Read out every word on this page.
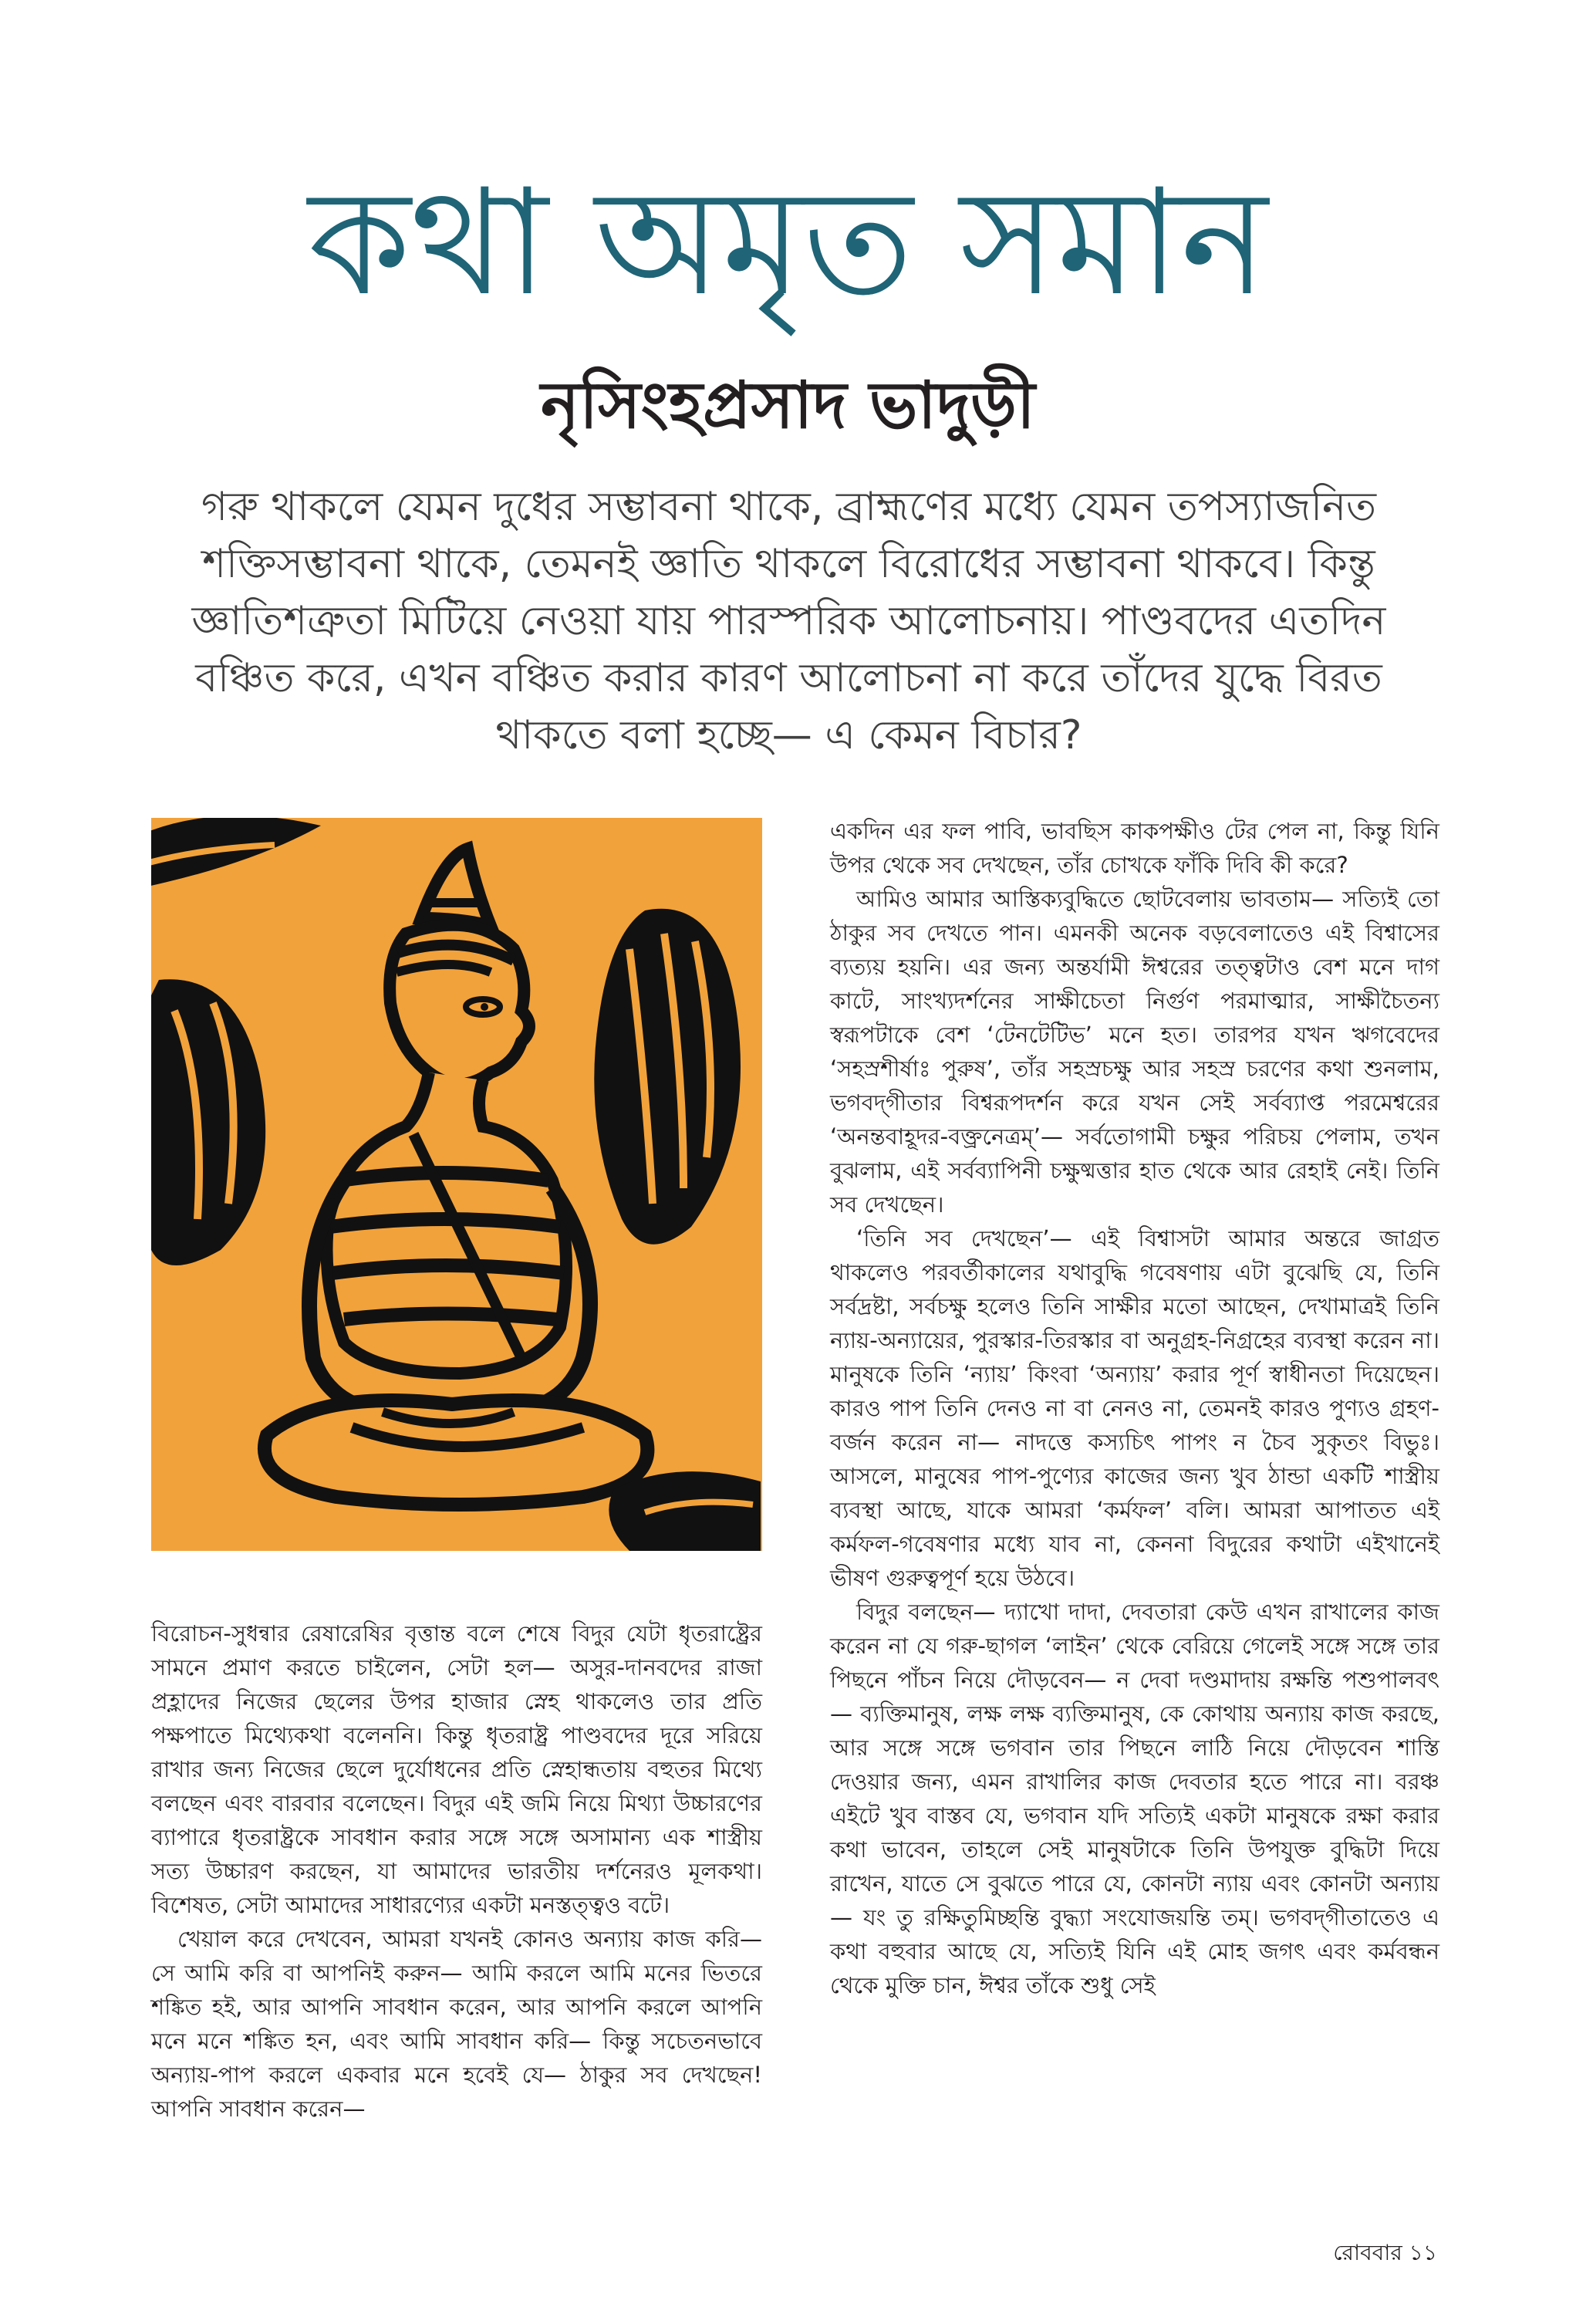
কথা অমৃত সমান
নৃসিংহপ্রসাদ ভাদুড়ী

গরু থাকলে যেমন দুধের সম্ভাবনা থাকে, ব্রাহ্মণের মধ্যে যেমন তপস্যাজনিত শক্তিসম্ভাবনা থাকে, তেমনই জ্ঞাতি থাকলে বিরোধের সম্ভাবনা থাকবে। কিন্তু জ্ঞাতিশত্রুতা মিটিয়ে নেওয়া যায় পারস্পরিক আলোচনায়। পাণ্ডবদের এতদিন বঞ্চিত করে, এখন বঞ্চিত করার কারণ আলোচনা না করে তাঁদের যুদ্ধে বিরত থাকতে বলা হচ্ছে— এ কেমন বিচার?

বিরোচন-সুধন্বার রেষারেষির বৃত্তান্ত বলে শেষে বিদুর যেটা ধৃতরাষ্ট্রের সামনে প্রমাণ করতে চাইলেন, সেটা হল— অসুর-দানবদের রাজা প্রহ্লাদের নিজের ছেলের উপর হাজার স্নেহ থাকলেও তার প্রতি পক্ষপাতে মিথ্যেকথা বলেননি। কিন্তু ধৃতরাষ্ট্র পাণ্ডবদের দূরে সরিয়ে রাখার জন্য নিজের ছেলে দুর্যোধনের প্রতি স্নেহান্ধতায় বহুতর মিথ্যে বলছেন এবং বারবার বলেছেন। বিদুর এই জমি নিয়ে মিথ্যা উচ্চারণের ব্যাপারে ধৃতরাষ্ট্রকে সাবধান করার সঙ্গে সঙ্গে অসামান্য এক শাস্ত্রীয় সত্য উচ্চারণ করছেন, যা আমাদের ভারতীয় দর্শনেরও মূলকথা। বিশেষত, সেটা আমাদের সাধারণ্যের একটা মনস্তত্ত্বও বটে।

খেয়াল করে দেখবেন, আমরা যখনই কোনও অন্যায় কাজ করি— সে আমি করি বা আপনিই করুন— আমি করলে আমি মনের ভিতরে শঙ্কিত হই, আর আপনি সাবধান করেন, আর আপনি করলে আপনি মনে মনে শঙ্কিত হন, এবং আমি সাবধান করি— কিন্তু সচেতনভাবে অন্যায়-পাপ করলে একবার মনে হবেই যে— ঠাকুর সব দেখছেন! আপনি সাবধান করেন—

একদিন এর ফল পাবি, ভাবছিস কাকপক্ষীও টের পেল না, কিন্তু যিনি উপর থেকে সব দেখছেন, তাঁর চোখকে ফাঁকি দিবি কী করে?

আমিও আমার আস্তিক্যবুদ্ধিতে ছোটবেলায় ভাবতাম— সত্যিই তো ঠাকুর সব দেখতে পান। এমনকী অনেক বড়বেলাতেও এই বিশ্বাসের ব্যত্যয় হয়নি। এর জন্য অন্তর্যামী ঈশ্বরের তত্ত্বটাও বেশ মনে দাগ কাটে, সাংখ্যদর্শনের সাক্ষীচেতা নির্গুণ পরমাত্মার, সাক্ষীচৈতন্য স্বরূপটাকে বেশ ‘টেনটেটিভ’ মনে হত। তারপর যখন ঋগবেদের ‘সহস্রশীর্ষাঃ পুরুষ’, তাঁর সহস্রচক্ষু আর সহস্র চরণের কথা শুনলাম, ভগবদ্‌গীতার বিশ্বরূপদর্শন করে যখন সেই সর্বব্যাপ্ত পরমেশ্বরের ‘অনন্তবাহূদর-বক্ত্রনেত্রম্’— সর্বতোগামী চক্ষুর পরিচয় পেলাম, তখন বুঝলাম, এই সর্বব্যাপিনী চক্ষুষ্মত্তার হাত থেকে আর রেহাই নেই। তিনি সব দেখছেন।

‘তিনি সব দেখছেন’— এই বিশ্বাসটা আমার অন্তরে জাগ্রত থাকলেও পরবর্তীকালের যথাবুদ্ধি গবেষণায় এটা বুঝেছি যে, তিনি সর্বদ্রষ্টা, সর্বচক্ষু হলেও তিনি সাক্ষীর মতো আছেন, দেখামাত্রই তিনি ন্যায়-অন্যায়ের, পুরস্কার-তিরস্কার বা অনুগ্রহ-নিগ্রহের ব্যবস্থা করেন না। মানুষকে তিনি ‘ন্যায়’ কিংবা ‘অন্যায়’ করার পূর্ণ স্বাধীনতা দিয়েছেন। কারও পাপ তিনি দেনও না বা নেনও না, তেমনই কারও পুণ্যও গ্রহণ-বর্জন করেন না— নাদত্তে কস্যচিৎ পাপং ন চৈব সুকৃতং বিভুঃ। আসলে, মানুষের পাপ-পুণ্যের কাজের জন্য খুব ঠান্ডা একটি শাস্ত্রীয় ব্যবস্থা আছে, যাকে আমরা ‘কর্মফল’ বলি। আমরা আপাতত এই কর্মফল-গবেষণার মধ্যে যাব না, কেননা বিদুরের কথাটা এইখানেই ভীষণ গুরুত্বপূর্ণ হয়ে উঠবে।

বিদুর বলছেন— দ্যাখো দাদা, দেবতারা কেউ এখন রাখালের কাজ করেন না যে গরু-ছাগল ‘লাইন’ থেকে বেরিয়ে গেলেই সঙ্গে সঙ্গে তার পিছনে পাঁচন নিয়ে দৌড়বেন— ন দেবা দণ্ডমাদায় রক্ষন্তি পশুপালবৎ— ব্যক্তিমানুষ, লক্ষ লক্ষ ব্যক্তিমানুষ, কে কোথায় অন্যায় কাজ করছে, আর সঙ্গে সঙ্গে ভগবান তার পিছনে লাঠি নিয়ে দৌড়বেন শাস্তি দেওয়ার জন্য, এমন রাখালির কাজ দেবতার হতে পারে না। বরঞ্চ এইটে খুব বাস্তব যে, ভগবান যদি সত্যিই একটা মানুষকে রক্ষা করার কথা ভাবেন, তাহলে সেই মানুষটাকে তিনি উপযুক্ত বুদ্ধিটা দিয়ে রাখেন, যাতে সে বুঝতে পারে যে, কোনটা ন্যায় এবং কোনটা অন্যায়— যং তু রক্ষিতুমিচ্ছন্তি বুদ্ধ্যা সংযোজয়ন্তি তম্। ভগবদ্‌গীতাতেও এ কথা বহুবার আছে যে, সত্যিই যিনি এই মোহ জগৎ এবং কর্মবন্ধন থেকে মুক্তি চান, ঈশ্বর তাঁকে শুধু সেই

রোববার ১১
